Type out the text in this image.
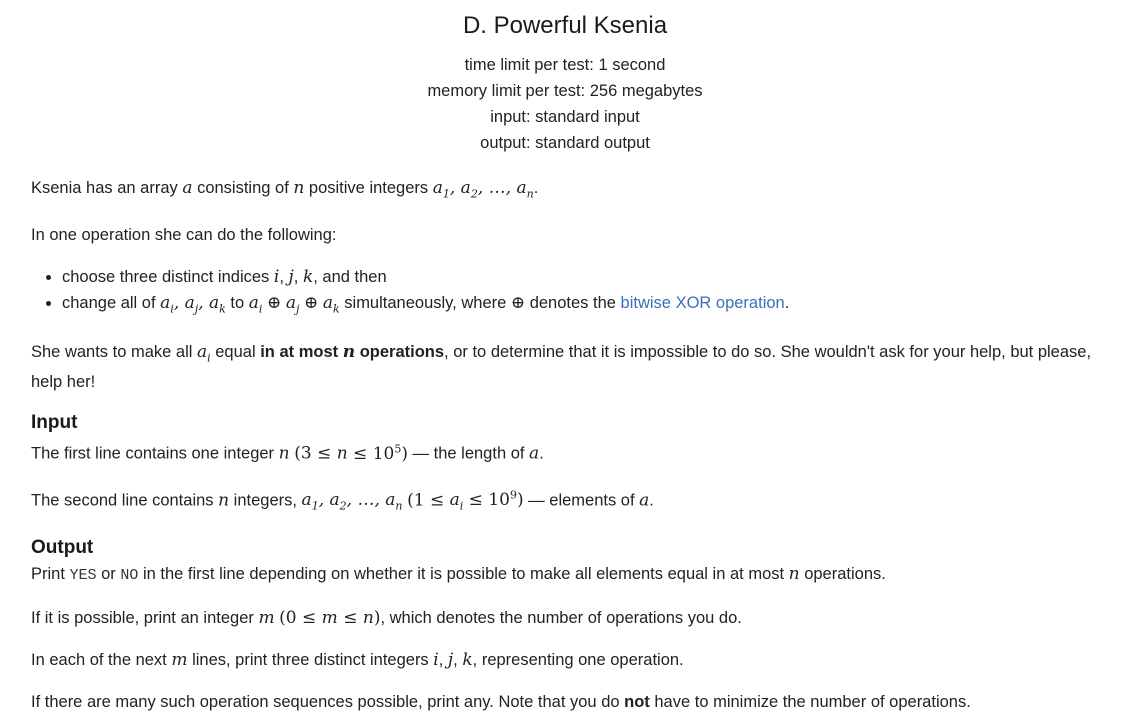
D. Powerful Ksenia
time limit per test: 1 second
memory limit per test: 256 megabytes
input: standard input
output: standard output

Ksenia has an array a consisting of n positive integers $a_1$, $a_2$, …, $a_n$.

In one operation she can do the following:

• choose three distinct indices i, j, k, and then
• change all of $a_i$, $a_j$, $a_k$ to $a_i$ ⊕ $a_j$ ⊕ $a_k$ simultaneously, where ⊕ denotes the bitwise XOR operation.

She wants to make all $a_i$ equal in at most n operations, or to determine that it is impossible to do so. She wouldn't ask for your help, but please, help her!

Input

The first line contains one integer n $(3 \le n \le 10^5)$ — the length of a.

The second line contains n integers, $a_1$, $a_2$, …, $a_n$ $(1 \le a_i \le 10^9)$ — elements of a.

Output

Print YES or NO in the first line depending on whether it is possible to make all elements equal in at most n operations.

If it is possible, print an integer m (0 ≤ m ≤ n), which denotes the number of operations you do.

In each of the next m lines, print three distinct integers i, j, k, representing one operation.

If there are many such operation sequences possible, print any. Note that you do not have to minimize the number of operations.
